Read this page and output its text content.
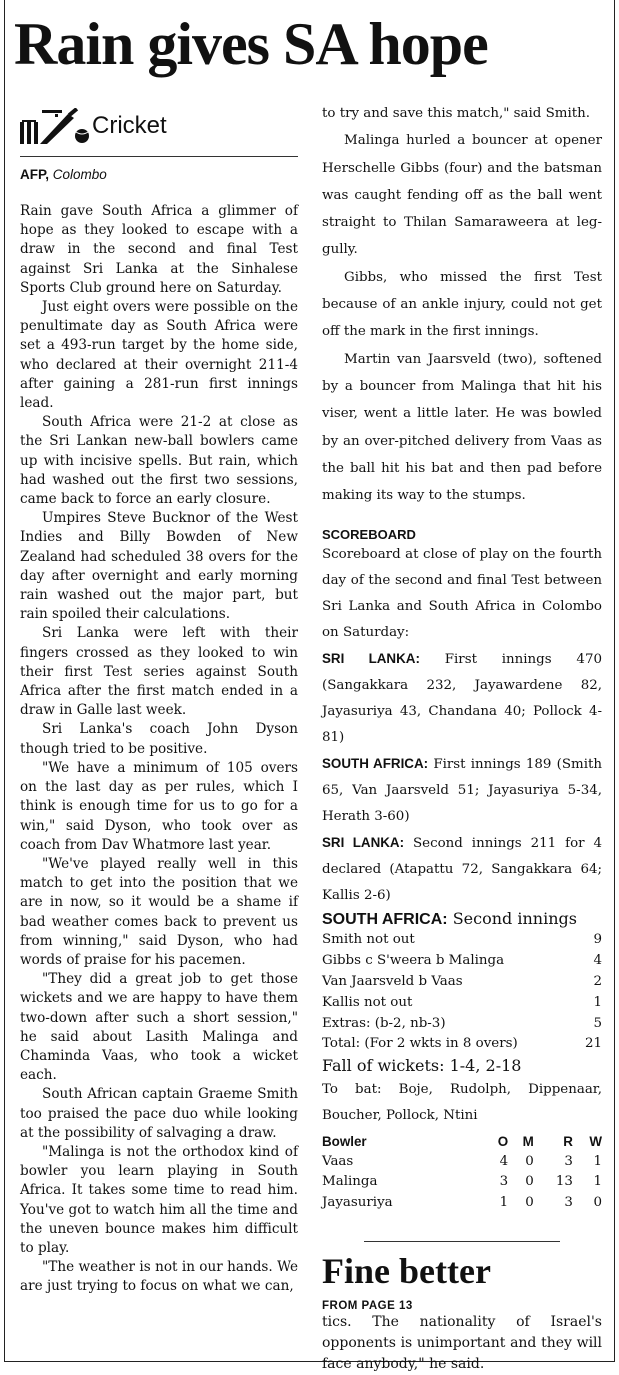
Rain gives SA hope
Cricket
AFP, Colombo

Rain gave South Africa a glimmer of hope as they looked to escape with a draw in the second and final Test against Sri Lanka at the Sinhalese Sports Club ground here on Saturday.

Just eight overs were possible on the penultimate day as South Africa were set a 493-run target by the home side, who declared at their overnight 211-4 after gaining a 281-run first innings lead.

South Africa were 21-2 at close as the Sri Lankan new-ball bowlers came up with incisive spells. But rain, which had washed out the first two sessions, came back to force an early closure.

Umpires Steve Bucknor of the West Indies and Billy Bowden of New Zealand had scheduled 38 overs for the day after overnight and early morning rain washed out the major part, but rain spoiled their calculations.

Sri Lanka were left with their fingers crossed as they looked to win their first Test series against South Africa after the first match ended in a draw in Galle last week.

Sri Lanka's coach John Dyson though tried to be positive.

"We have a minimum of 105 overs on the last day as per rules, which I think is enough time for us to go for a win," said Dyson, who took over as coach from Dav Whatmore last year.

"We've played really well in this match to get into the position that we are in now, so it would be a shame if bad weather comes back to prevent us from winning," said Dyson, who had words of praise for his pacemen.

"They did a great job to get those wickets and we are happy to have them two-down after such a short session," he said about Lasith Malinga and Chaminda Vaas, who took a wicket each.

South African captain Graeme Smith too praised the pace duo while looking at the possibility of salvaging a draw.

"Malinga is not the orthodox kind of bowler you learn playing in South Africa. It takes some time to read him. You've got to watch him all the time and the uneven bounce makes him difficult to play.

"The weather is not in our hands. We are just trying to focus on what we can,

to try and save this match," said Smith.

Malinga hurled a bouncer at opener Herschelle Gibbs (four) and the batsman was caught fending off as the ball went straight to Thilan Samaraweera at leg-gully.

Gibbs, who missed the first Test because of an ankle injury, could not get off the mark in the first innings.

Martin van Jaarsveld (two), softened by a bouncer from Malinga that hit his viser, went a little later. He was bowled by an over-pitched delivery from Vaas as the ball hit his bat and then pad before making its way to the stumps.

SCOREBOARD

Scoreboard at close of play on the fourth day of the second and final Test between Sri Lanka and South Africa in Colombo on Saturday:

SRI LANKA: First innings 470 (Sangakkara 232, Jayawardene 82, Jayasuriya 43, Chandana 40; Pollock 4-81)

SOUTH AFRICA: First innings 189 (Smith 65, Van Jaarsveld 51; Jayasuriya 5-34, Herath 3-60)

SRI LANKA: Second innings 211 for 4 declared (Atapattu 72, Sangakkara 64; Kallis 2-6)

SOUTH AFRICA: Second innings
Smith not out	9
Gibbs c S'weera b Malinga	4
Van Jaarsveld b Vaas	2
Kallis not out	1
Extras: (b-2, nb-3)	5
Total: (For 2 wkts in 8 overs)	21
Fall of wickets: 1-4, 2-18

To bat: Boje, Rudolph, Dippenaar, Boucher, Pollock, Ntini

Bowler	O	M	R	W
Vaas	4	0	3	1
Malinga	3	0	13	1
Jayasuriya	1	0	3	0
Fine better
FROM PAGE 13

tics. The nationality of Israel's opponents is unimportant and they will face anybody," he said.
